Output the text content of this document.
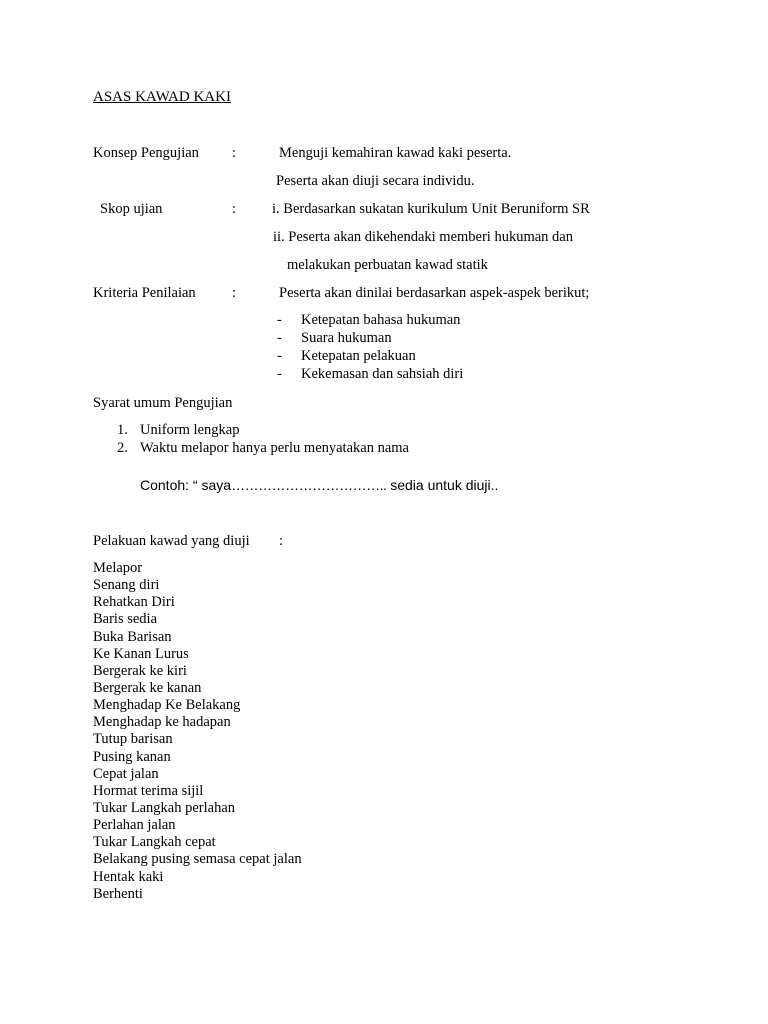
ASAS KAWAD KAKI
Konsep Pengujian :	Menguji kemahiran kawad kaki peserta.
Peserta akan diuji secara individu.
Skop ujian	: i. Berdasarkan sukatan kurikulum Unit Beruniform SR
ii. Peserta akan dikehendaki memberi hukuman dan
melakukan perbuatan kawad statik
Kriteria Penilaian	:	Peserta akan dinilai berdasarkan aspek-aspek berikut;
- Ketepatan bahasa hukuman
- Suara hukuman
- Ketepatan pelakuan
- Kekemasan dan sahsiah diri
Syarat umum Pengujian
1. Uniform lengkap
2. Waktu melapor hanya perlu menyatakan nama
Contoh: “ saya…………………………….. sedia untuk diuji..
Pelakuan kawad yang diuji :
Melapor
Senang diri
Rehatkan Diri
Baris sedia
Buka Barisan
Ke Kanan Lurus
Bergerak ke kiri
Bergerak ke kanan
Menghadap Ke Belakang
Menghadap ke hadapan
Tutup barisan
Pusing kanan
Cepat jalan
Hormat terima sijil
Tukar Langkah perlahan
Perlahan jalan
Tukar Langkah cepat
Belakang pusing semasa cepat jalan
Hentak kaki
Berhenti
